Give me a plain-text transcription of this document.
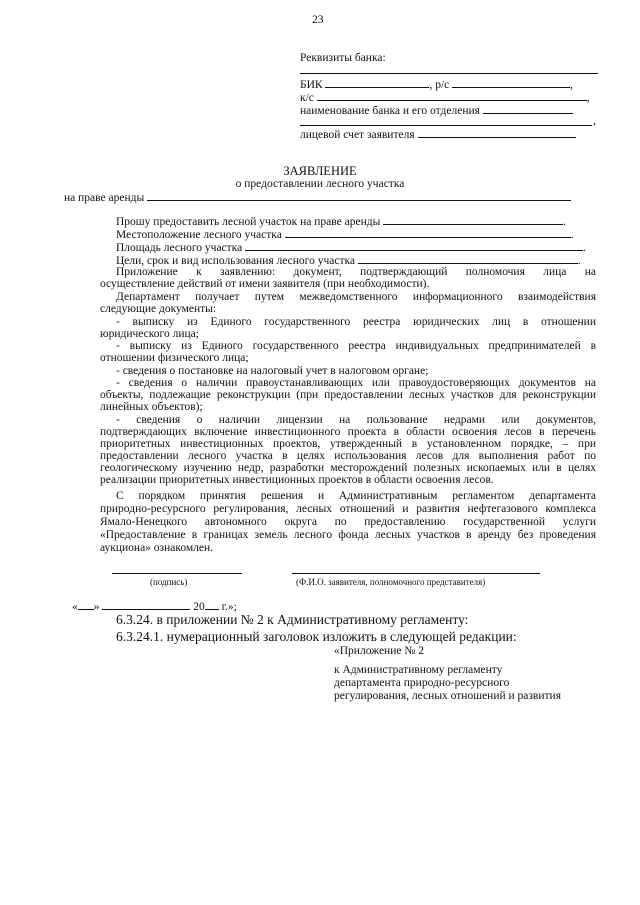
23
Реквизиты банка:
БИК	, р/с	,
к/с	,
наименование банка и его отделения
,
лицевой счет заявителя
ЗАЯВЛЕНИЕ
о предоставлении лесного участка
на праве аренды
Прошу предоставить лесной участок на праве аренды	.
Местоположение лесного участка	.
Площадь лесного участка	.
Цели, срок и вид использования лесного участка	.
Приложение к заявлению: документ, подтверждающий полномочия лица на
осуществление действий от имени заявителя (при необходимости).
Департамент получает путем межведомственного информационного взаимодействия
следующие документы:
- выписку из Единого государственного реестра юридических лиц в отношении
юридического лица;
- выписку из Единого государственного реестра индивидуальных предпринимателей в
отношении физического лица;
- сведения о постановке на налоговый учет в налоговом органе;
- сведения о наличии правоустанавливающих или правоудостоверяющих документов на
объекты, подлежащие реконструкции (при предоставлении лесных участков для реконструкции
линейных объектов);
- сведения о наличии лицензии на пользование недрами или документов,
подтверждающих включение инвестиционного проекта в области освоения лесов в перечень
приоритетных инвестиционных проектов, утвержденный в установленном порядке, – при
предоставлении лесного участка в целях использования лесов для выполнения работ по
геологическому изучению недр, разработки месторождений полезных ископаемых или в целях
реализации приоритетных инвестиционных проектов в области освоения лесов.
С порядком принятия решения и Административным регламентом департамента
природно-ресурсного регулирования, лесных отношений и развития нефтегазового комплекса
Ямало-Ненецкого автономного округа по предоставлению государственной услуги
«Предоставление в границах земель лесного фонда лесных участков в аренду без проведения
аукциона» ознакомлен.
(подпись)	(Ф.И.О. заявителя, полномочного представителя)
« »	20 г.»;
6.3.24. в приложении № 2 к Административному регламенту:
6.3.24.1. нумерационный заголовок изложить в следующей редакции:
«Приложение № 2
к Административному регламенту
департамента природно-ресурсного
регулирования, лесных отношений и развития
